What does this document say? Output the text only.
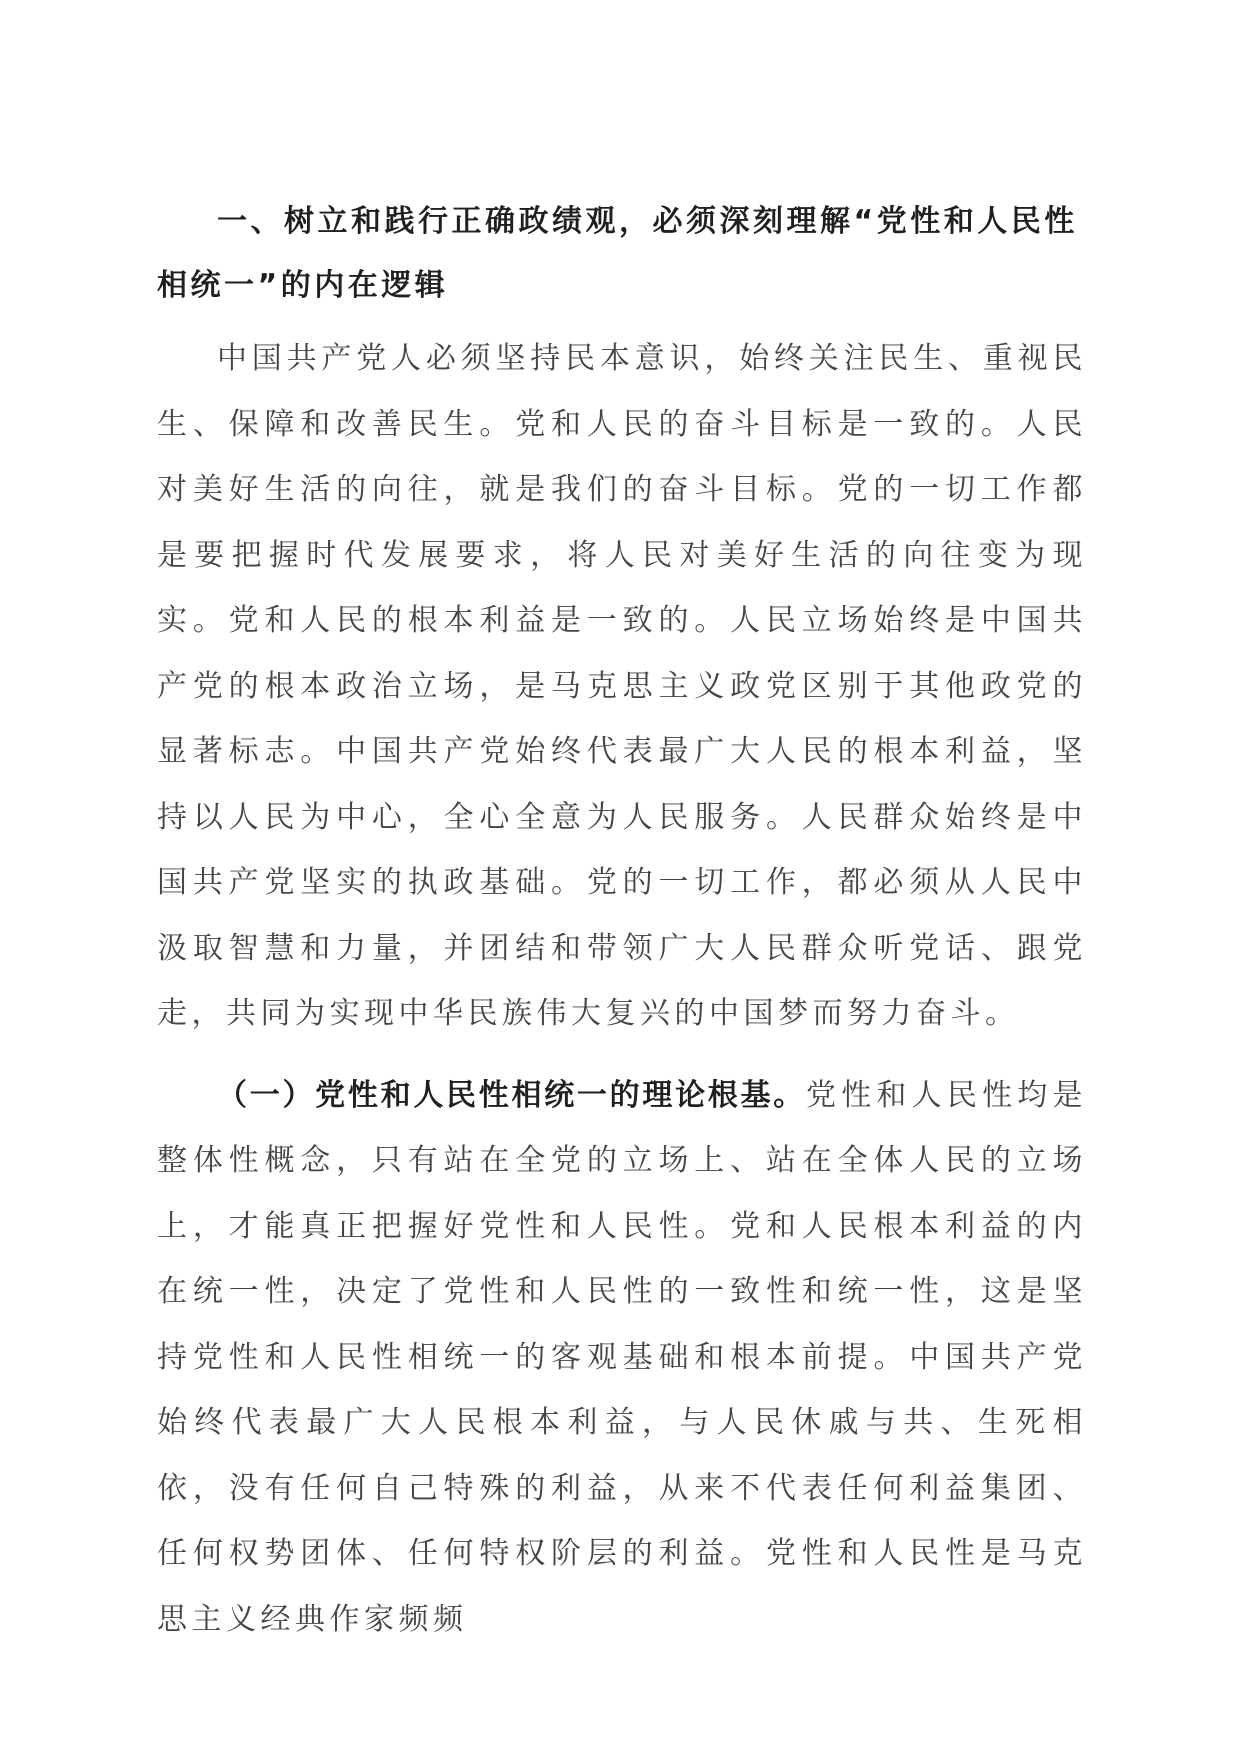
一、树立和践行正确政绩观，必须深刻理解“党性和人民性相统一”的内在逻辑

中国共产党人必须坚持民本意识，始终关注民生、重视民生、保障和改善民生。党和人民的奋斗目标是一致的。人民对美好生活的向往，就是我们的奋斗目标。党的一切工作都是要把握时代发展要求，将人民对美好生活的向往变为现实。党和人民的根本利益是一致的。人民立场始终是中国共产党的根本政治立场，是马克思主义政党区别于其他政党的显著标志。中国共产党始终代表最广大人民的根本利益，坚持以人民为中心，全心全意为人民服务。人民群众始终是中国共产党坚实的执政基础。党的一切工作，都必须从人民中汲取智慧和力量，并团结和带领广大人民群众听党话、跟党走，共同为实现中华民族伟大复兴的中国梦而努力奋斗。

（一）党性和人民性相统一的理论根基。党性和人民性均是整体性概念，只有站在全党的立场上、站在全体人民的立场上，才能真正把握好党性和人民性。党和人民根本利益的内在统一性，决定了党性和人民性的一致性和统一性，这是坚持党性和人民性相统一的客观基础和根本前提。中国共产党始终代表最广大人民根本利益，与人民休戚与共、生死相依，没有任何自己特殊的利益，从来不代表任何利益集团、任何权势团体、任何特权阶层的利益。党性和人民性是马克思主义经典作家频频
